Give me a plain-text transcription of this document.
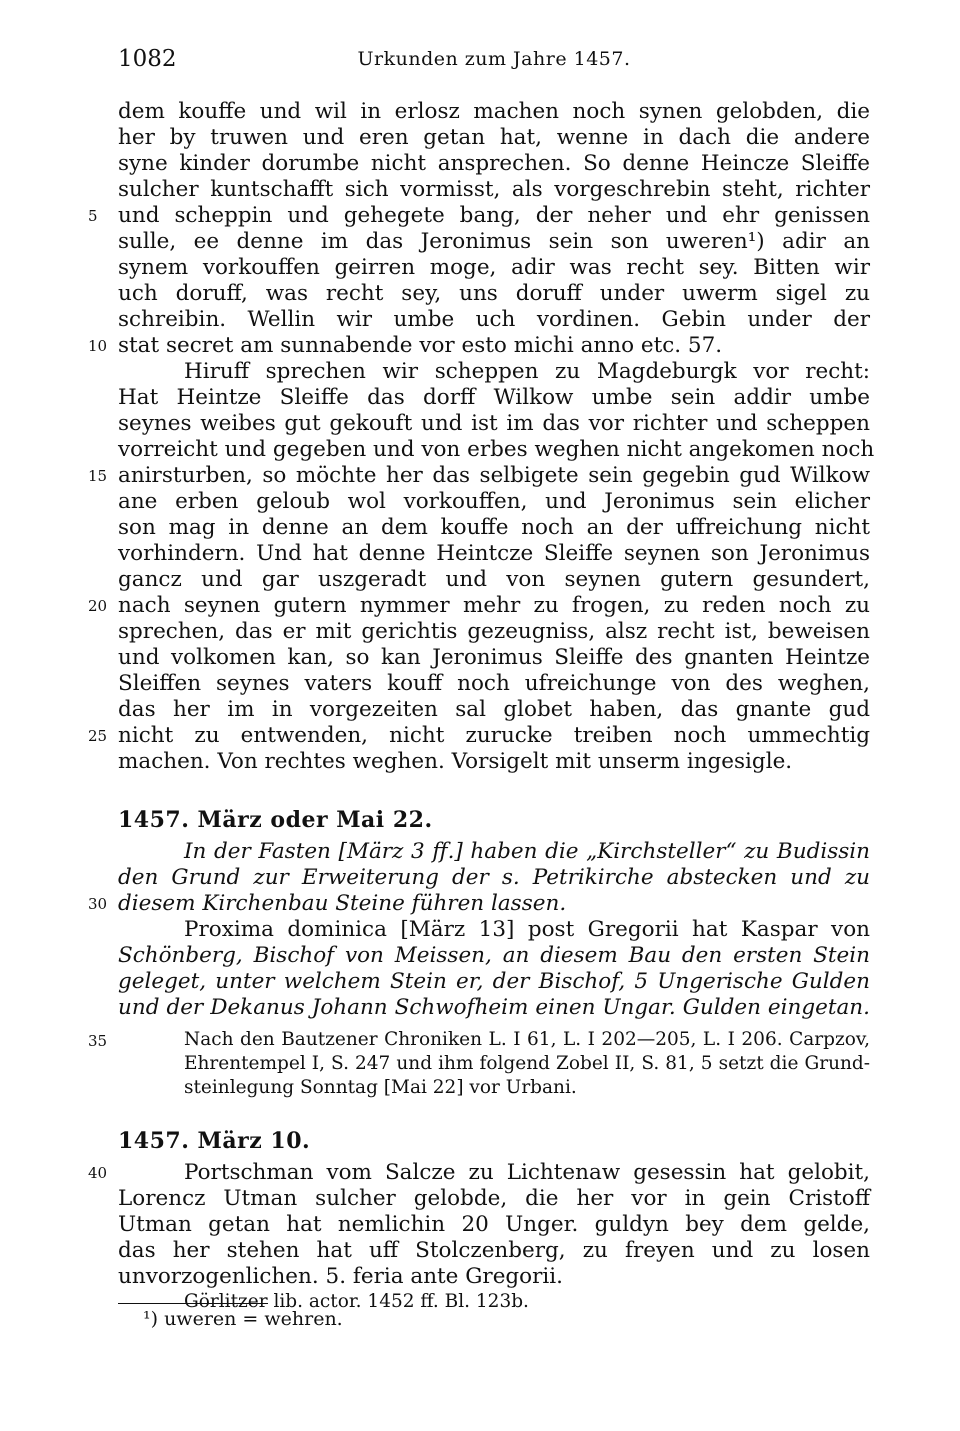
1082	Urkunden zum Jahre 1457.
dem kouffe und wil in erlosz machen noch synen gelobden, die
her by truwen und eren getan hat, wenne in dach die andere
syne kinder dorumbe nicht ansprechen. So denne Heincze Sleiffe
sulcher kuntschafft sich vormisst, als vorgeschrebin steht, richter
und scheppin und gehegete bang, der neher und ehr genissen
sulle, ee denne im das Jeronimus sein son uweren¹) adir an
synem vorkouffen geirren moge, adir was recht sey. Bitten wir
uch doruff, was recht sey, uns doruff under uwerm sigel zu
schreibin. Wellin wir umbe uch vordinen. Gebin under der
stat secret am sunnabende vor esto michi anno etc. 57.
Hiruff sprechen wir scheppen zu Magdeburgk vor recht:
Hat Heintze Sleiffe das dorff Wilkow umbe sein addir umbe
seynes weibes gut gekouft und ist im das vor richter und scheppen
vorreicht und gegeben und von erbes weghen nicht angekomen noch
anirsturben, so möchte her das selbigete sein gegebin gud Wilkow
ane erben geloub wol vorkouffen, und Jeronimus sein elicher
son mag in denne an dem kouffe noch an der uffreichung nicht
vorhindern. Und hat denne Heintcze Sleiffe seynen son Jeronimus
gancz und gar uszgeradt und von seynen gutern gesundert,
nach seynen gutern nymmer mehr zu frogen, zu reden noch zu
sprechen, das er mit gerichtis gezeugniss, alsz recht ist, beweisen
und volkomen kan, so kan Jeronimus Sleiffe des gnanten Heintze
Sleiffen seynes vaters kouff noch ufreichunge von des weghen,
das her im in vorgezeiten sal globet haben, das gnante gud
nicht zu entwenden, nicht zurucke treiben noch ummechtig
machen. Von rechtes weghen. Vorsigelt mit unserm ingesigle.
1457. März oder Mai 22.
In der Fasten [März 3 ff.] haben die „Kirchsteller“ zu Budissin
den Grund zur Erweiterung der s. Petrikirche abstecken und zu
diesem Kirchenbau Steine führen lassen.
Proxima dominica [März 13] post Gregorii hat Kaspar von
Schönberg, Bischof von Meissen, an diesem Bau den ersten Stein
geleget, unter welchem Stein er, der Bischof, 5 Ungerische Gulden
und der Dekanus Johann Schwofheim einen Ungar. Gulden eingetan.
Nach den Bautzener Chroniken L. I 61, L. I 202—205, L. I 206. Carpzov,
Ehrentempel I, S. 247 und ihm folgend Zobel II, S. 81, 5 setzt die Grund-
steinlegung Sonntag [Mai 22] vor Urbani.
1457. März 10.
Portschman vom Salcze zu Lichtenaw gesessin hat gelobit,
Lorencz Utman sulcher gelobde, die her vor in gein Cristoff
Utman getan hat nemlichin 20 Unger. guldyn bey dem gelde,
das her stehen hat uff Stolczenberg, zu freyen und zu losen
unvorzogenlichen. 5. feria ante Gregorii.
Görlitzer lib. actor. 1452 ff. Bl. 123b.
5
10
15
20
25
30
35
40
¹) uweren = wehren.
